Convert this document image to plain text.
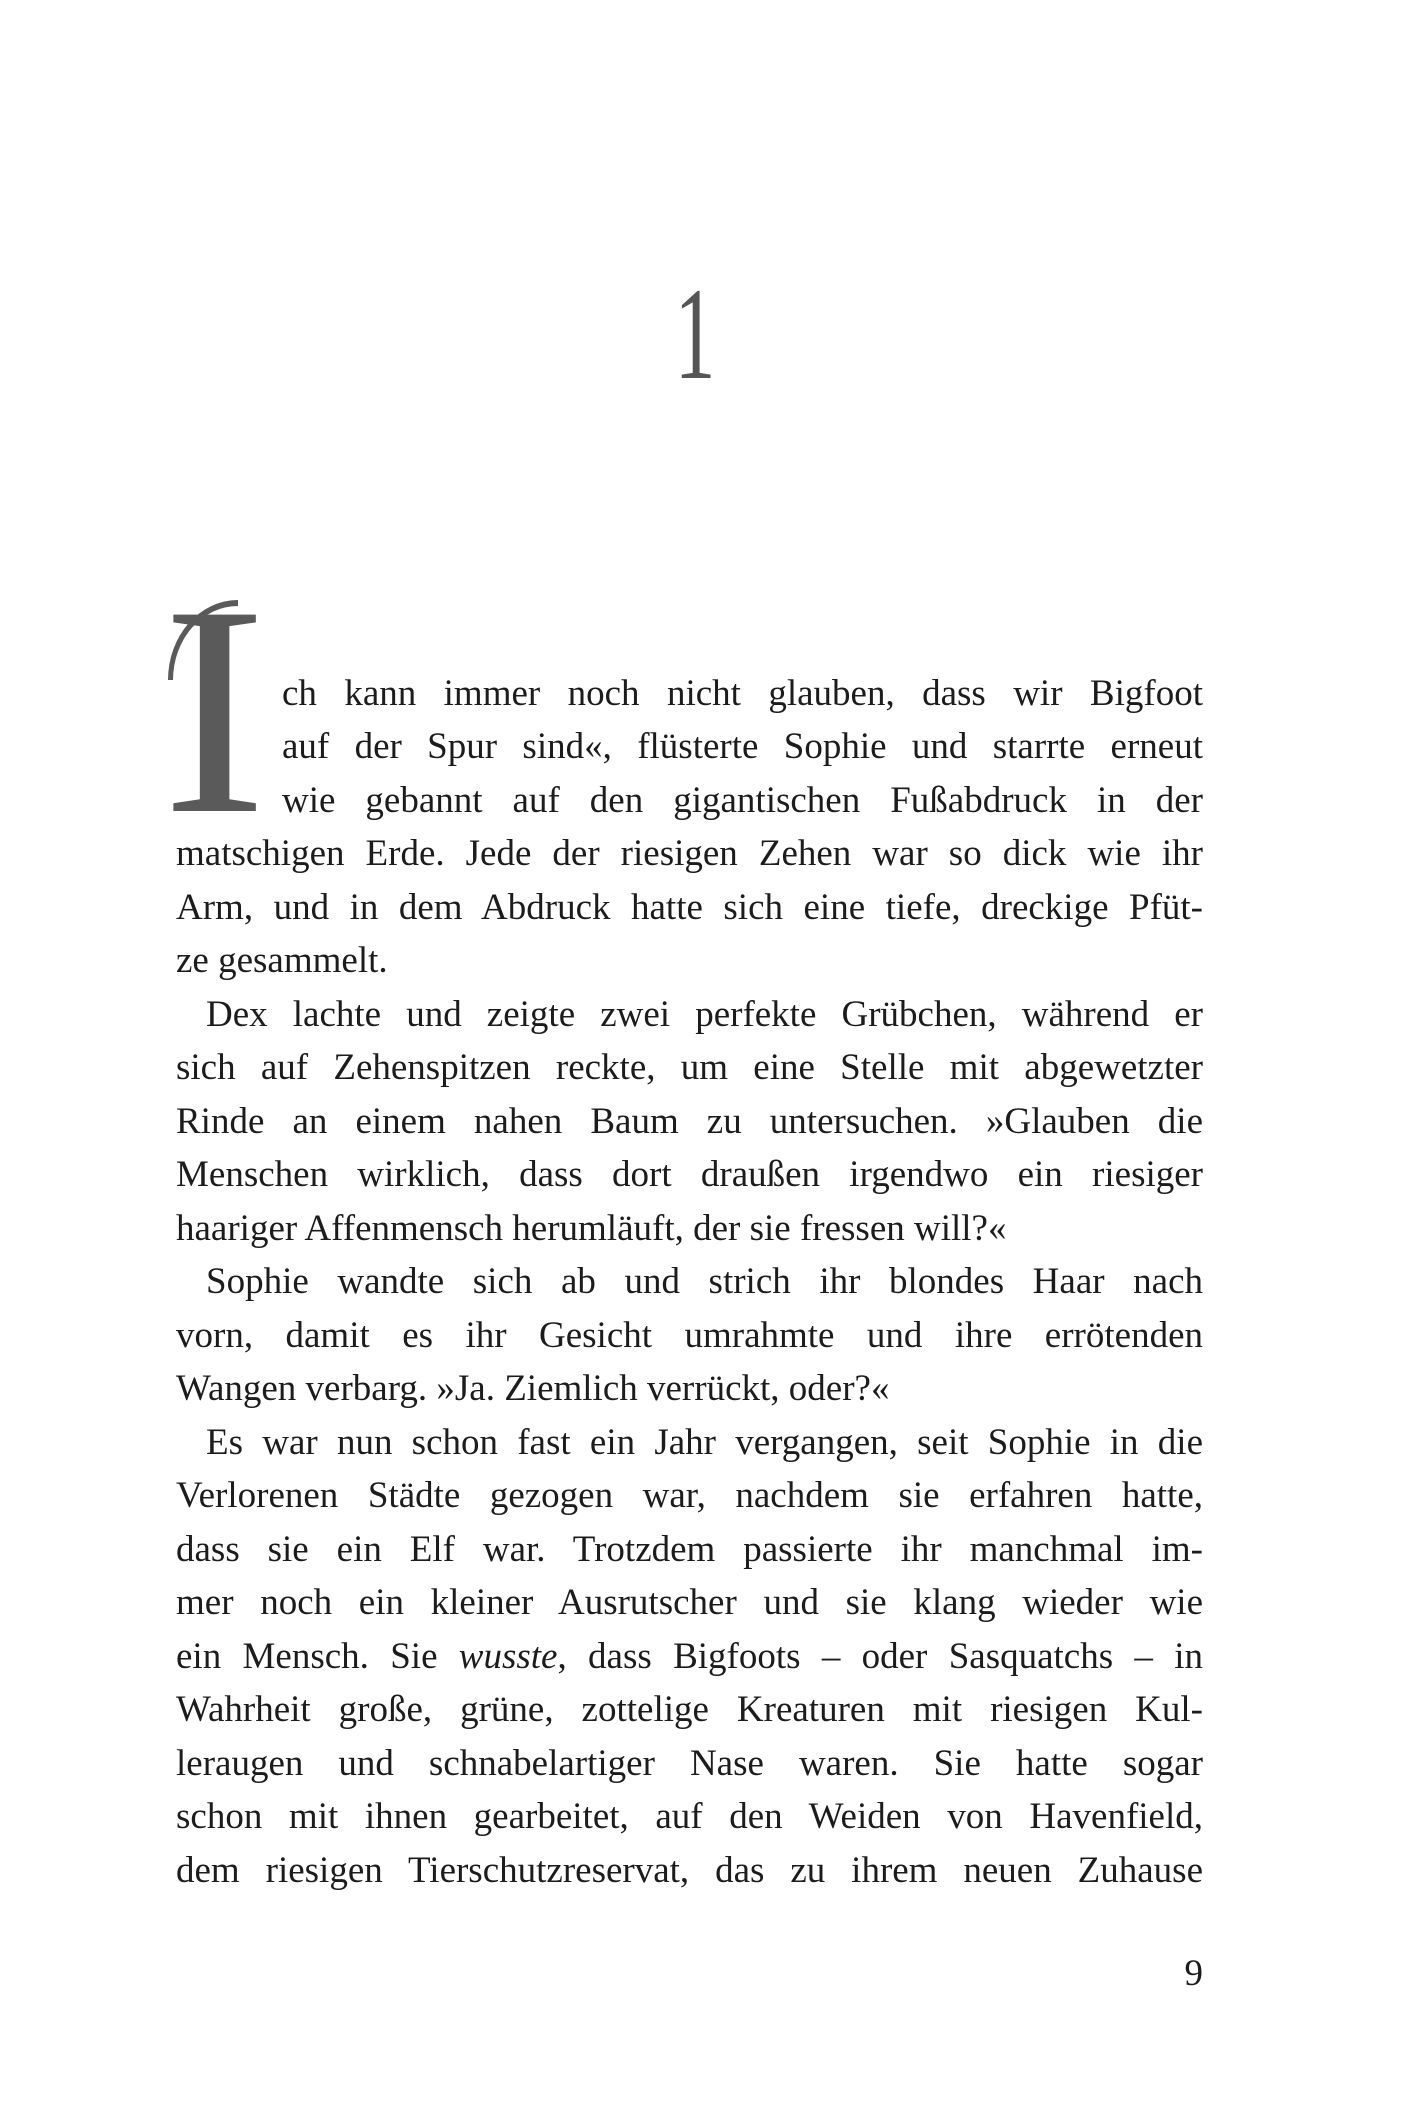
1
I ch kann immer noch nicht glauben, dass wir Bigfoot
auf der Spur sind«, flüsterte Sophie und starrte erneut
wie gebannt auf den gigantischen Fußabdruck in der
matschigen Erde. Jede der riesigen Zehen war so dick wie ihr
Arm, und in dem Abdruck hatte sich eine tiefe, dreckige Pfüt-
ze gesammelt.
Dex lachte und zeigte zwei perfekte Grübchen, während er
sich auf Zehenspitzen reckte, um eine Stelle mit abgewetzter
Rinde an einem nahen Baum zu untersuchen. »Glauben die
Menschen wirklich, dass dort draußen irgendwo ein riesiger
haariger Affenmensch herumläuft, der sie fressen will?«
Sophie wandte sich ab und strich ihr blondes Haar nach
vorn, damit es ihr Gesicht umrahmte und ihre errötenden
Wangen verbarg. »Ja. Ziemlich verrückt, oder?«
Es war nun schon fast ein Jahr vergangen, seit Sophie in die
Verlorenen Städte gezogen war, nachdem sie erfahren hatte,
dass sie ein Elf war. Trotzdem passierte ihr manchmal im-
mer noch ein kleiner Ausrutscher und sie klang wieder wie
ein Mensch. Sie wusste, dass Bigfoots – oder Sasquatchs – in
Wahrheit große, grüne, zottelige Kreaturen mit riesigen Kul-
leraugen und schnabelartiger Nase waren. Sie hatte sogar
schon mit ihnen gearbeitet, auf den Weiden von Havenfield,
dem riesigen Tierschutzreservat, das zu ihrem neuen Zuhause
9
